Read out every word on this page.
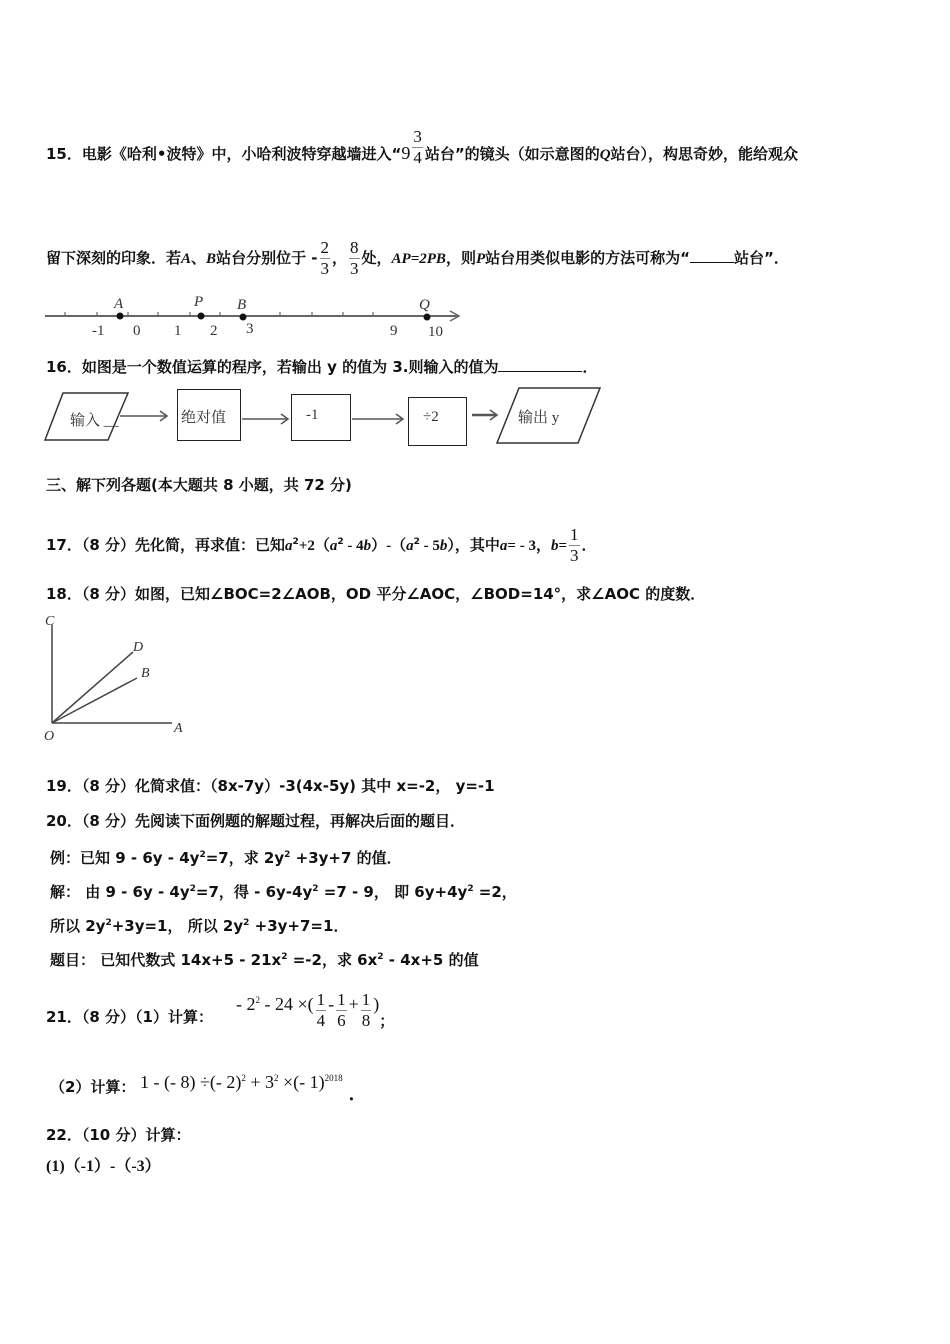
15．电影《哈利•波特》中，小哈利波特穿越墙进入“$9 \frac{3}{4}$ 站台”的镜头（如示意图的Q站台），构思奇妙，能给观众
留下深刻的印象．若A、B站台分别位于 - $\frac{2}{3}$ ， $\frac{8}{3}$ 处，AP=2PB，则P站台用类似电影的方法可称为“	站台”．
-1 0 1 2 3	9 10
A	P B	Q
16．如图是一个数值运算的程序，若输出 y 的值为 3.则输入的值为	．
输入 __	输出 y
绝对值	-1	÷2
三、解下列各题(本大题共 8 小题，共 72 分)
17．（8 分）先化简，再求值：已知$a^2+2(a^2 - 4b)-(a^2 - 5b)$，其中a= - 3，$b= \frac{1}{3}$ ．
18．（8 分）如图，已知∠BOC=2∠AOB，OD 平分∠AOC，∠BOD=14°，求∠AOC 的度数．
C
D
B
O
A
19．（8 分）化简求值：（8x-7y）-3(4x-5y) 其中 x=-2， y=-1
20．（8 分）先阅读下面例题的解题过程，再解决后面的题目．
例：已知 $9 - 6y - 4y^2=7$，求 $2y^2 +3y+7$ 的值．
解： 由 $9 - 6y - 4y^2=7$，得 - $6y-4y^2 =7 - 9$， 即 $6y+4y^2 =2$，
所以 $2y^2+3y=1$， 所以 $2y^2 +3y+7=1$．
题目： 已知代数式 $14x+5 - 21x^2 =-2$，求 $6x^2 - 4x+5$ 的值
21．（8 分）（1）计算：
- $2^2 - 24$ ×( $\frac{1}{4} - \frac{1}{6} + \frac{1}{8} )_;$
（2）计算： 1 - (- 8) ÷(- $2)^2 + 3^2$ ×(- 1)$^{2018}$．
22．（10 分）计算：
(1)（-1）-（-3）
